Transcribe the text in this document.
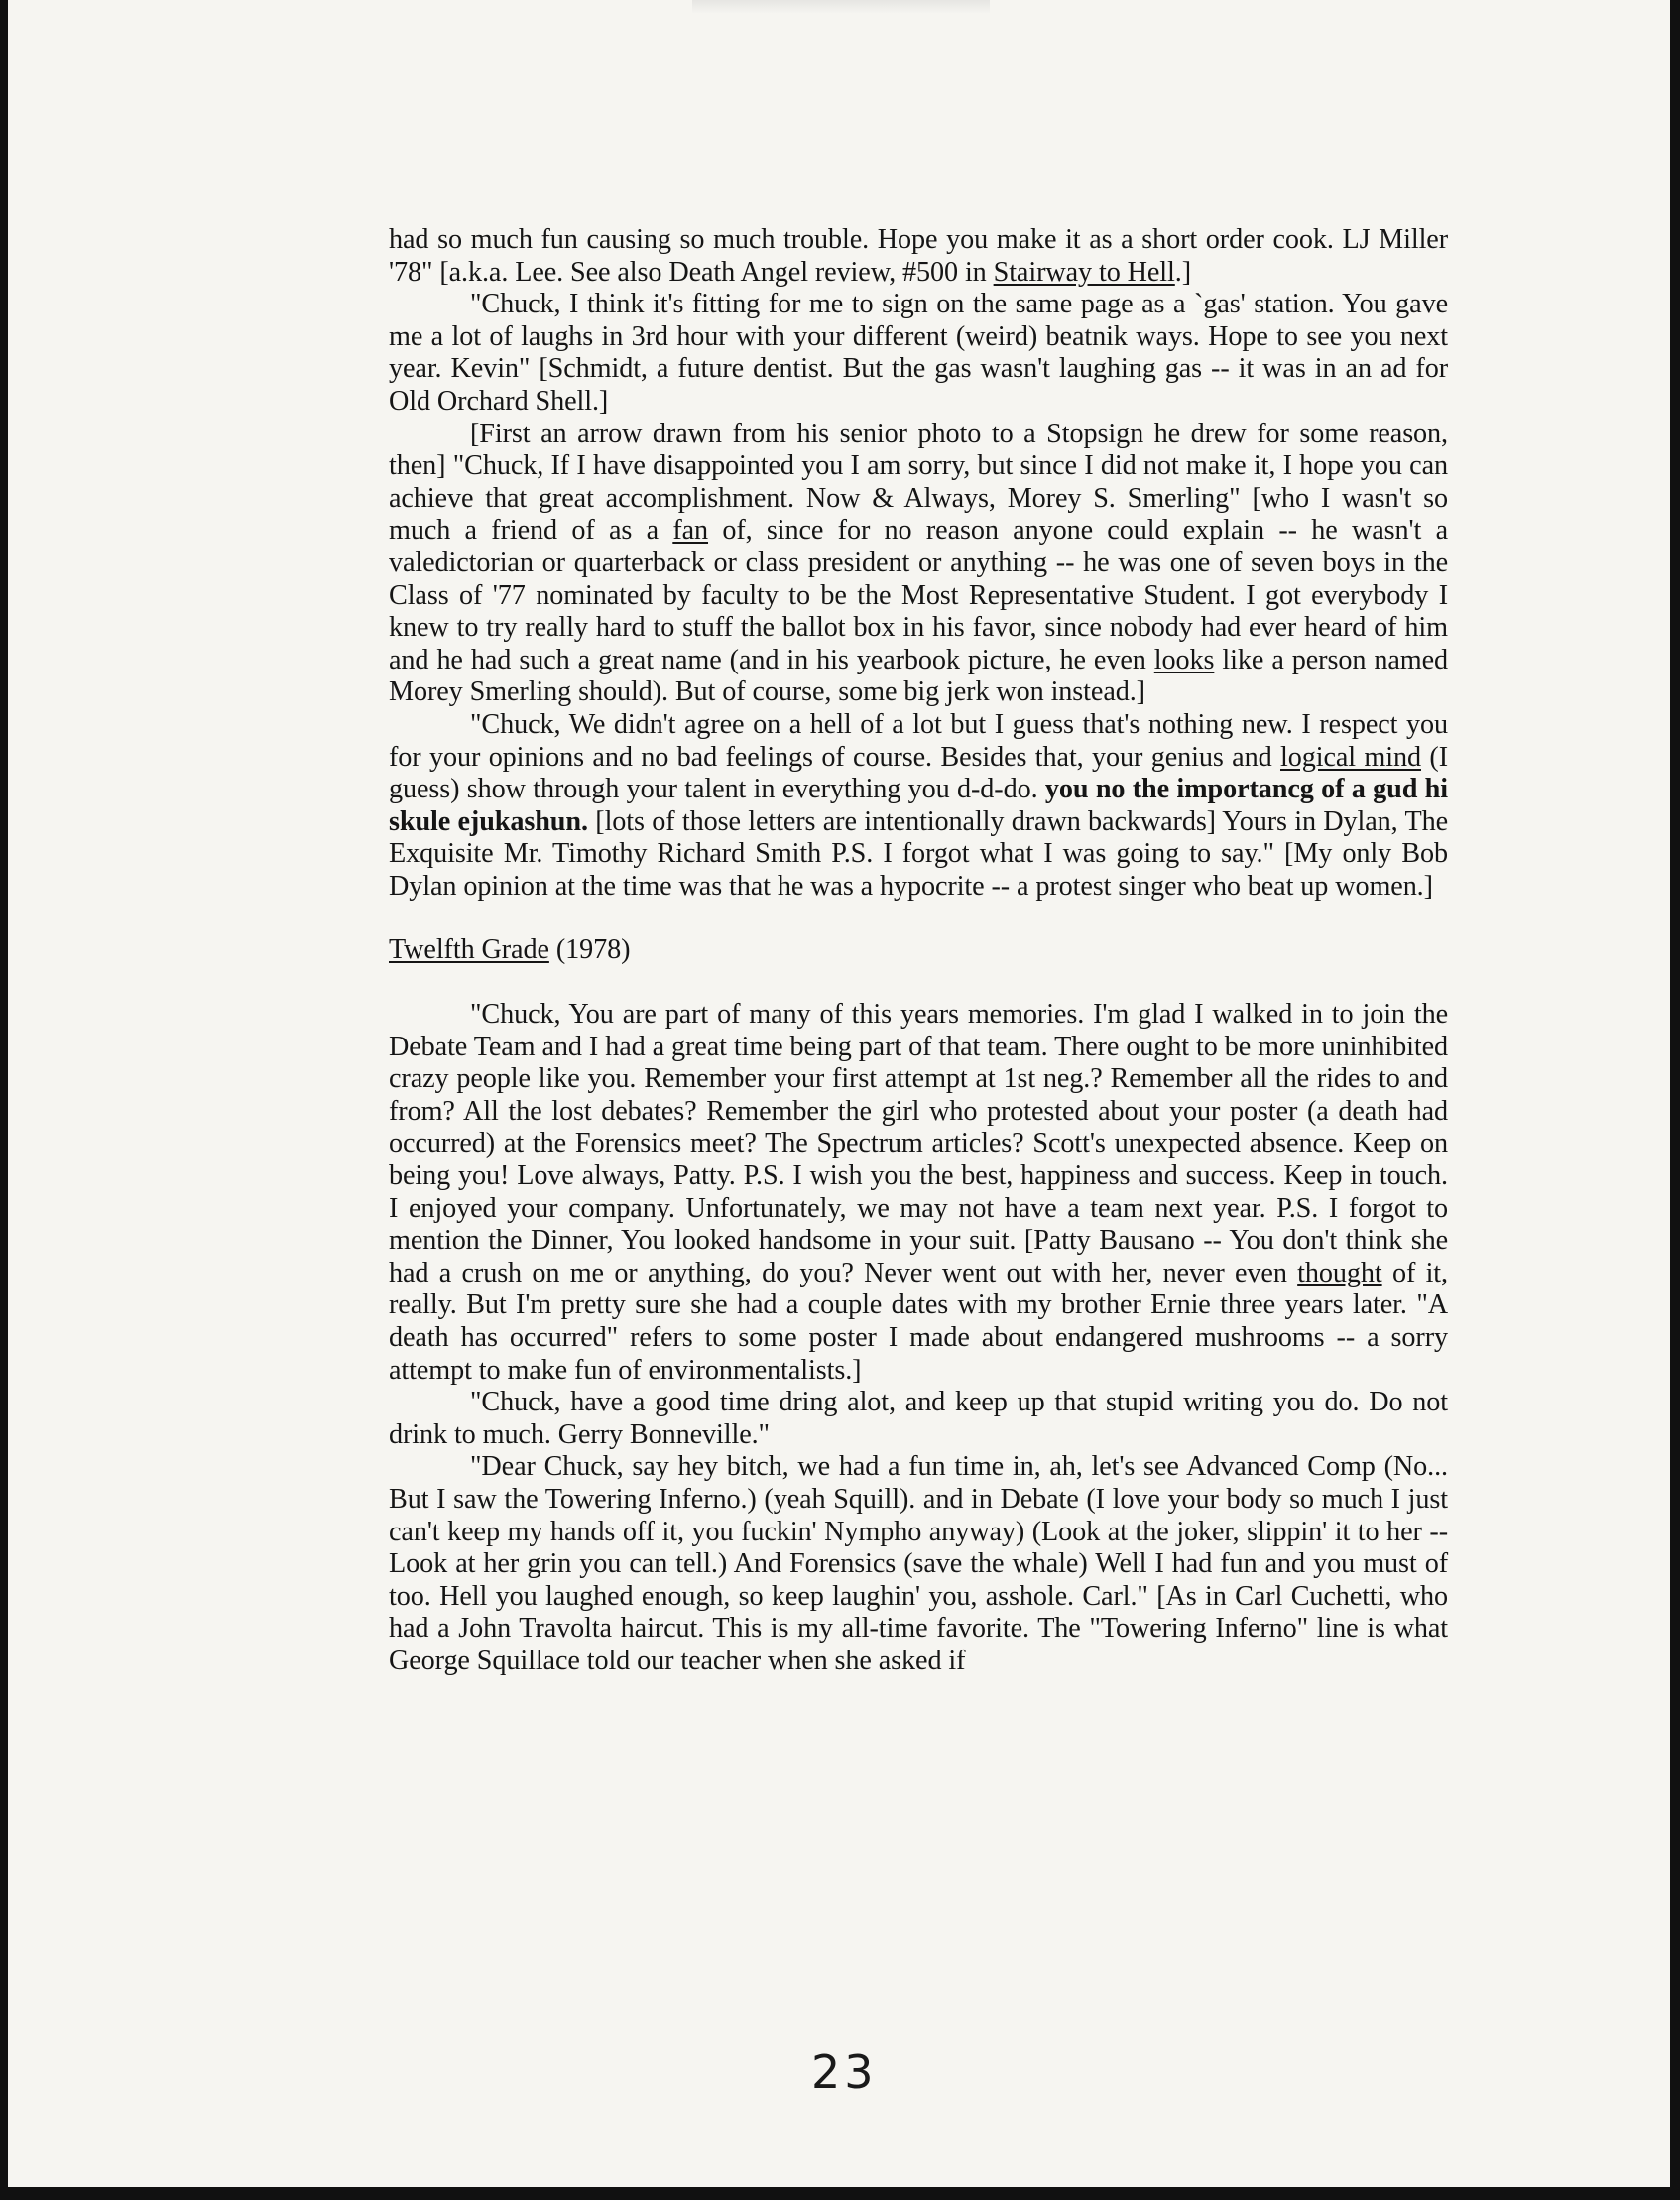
had so much fun causing so much trouble. Hope you make it as a short order cook. LJ Miller '78" [a.k.a. Lee. See also Death Angel review, #500 in Stairway to Hell.]

"Chuck, I think it's fitting for me to sign on the same page as a `gas' station. You gave me a lot of laughs in 3rd hour with your different (weird) beatnik ways. Hope to see you next year. Kevin" [Schmidt, a future dentist. But the gas wasn't laughing gas -- it was in an ad for Old Orchard Shell.]

[First an arrow drawn from his senior photo to a Stopsign he drew for some reason, then] "Chuck, If I have disappointed you I am sorry, but since I did not make it, I hope you can achieve that great accomplishment. Now & Always, Morey S. Smerling" [who I wasn't so much a friend of as a fan of, since for no reason anyone could explain -- he wasn't a valedictorian or quarterback or class president or anything -- he was one of seven boys in the Class of '77 nominated by faculty to be the Most Representative Student. I got everybody I knew to try really hard to stuff the ballot box in his favor, since nobody had ever heard of him and he had such a great name (and in his yearbook picture, he even looks like a person named Morey Smerling should). But of course, some big jerk won instead.]

"Chuck, We didn't agree on a hell of a lot but I guess that's nothing new. I respect you for your opinions and no bad feelings of course. Besides that, your genius and logical mind (I guess) show through your talent in everything you d-d-do. you no the importancg of a gud hi skule ejukashun. [lots of those letters are intentionally drawn backwards] Yours in Dylan, The Exquisite Mr. Timothy Richard Smith P.S. I forgot what I was going to say." [My only Bob Dylan opinion at the time was that he was a hypocrite -- a protest singer who beat up women.]

Twelfth Grade (1978)

"Chuck, You are part of many of this years memories. I'm glad I walked in to join the Debate Team and I had a great time being part of that team. There ought to be more uninhibited crazy people like you. Remember your first attempt at 1st neg.? Remember all the rides to and from? All the lost debates? Remember the girl who protested about your poster (a death had occurred) at the Forensics meet? The Spectrum articles? Scott's unexpected absence. Keep on being you! Love always, Patty. P.S. I wish you the best, happiness and success. Keep in touch. I enjoyed your company. Unfortunately, we may not have a team next year. P.S. I forgot to mention the Dinner, You looked handsome in your suit. [Patty Bausano -- You don't think she had a crush on me or anything, do you? Never went out with her, never even thought of it, really. But I'm pretty sure she had a couple dates with my brother Ernie three years later. "A death has occurred" refers to some poster I made about endangered mushrooms -- a sorry attempt to make fun of environmentalists.]

"Chuck, have a good time dring alot, and keep up that stupid writing you do. Do not drink to much. Gerry Bonneville."

"Dear Chuck, say hey bitch, we had a fun time in, ah, let's see Advanced Comp (No... But I saw the Towering Inferno.) (yeah Squill). and in Debate (I love your body so much I just can't keep my hands off it, you fuckin' Nympho anyway) (Look at the joker, slippin' it to her -- Look at her grin you can tell.) And Forensics (save the whale) Well I had fun and you must of too. Hell you laughed enough, so keep laughin' you, asshole. Carl." [As in Carl Cuchetti, who had a John Travolta haircut. This is my all-time favorite. The "Towering Inferno" line is what George Squillace told our teacher when she asked if

23
